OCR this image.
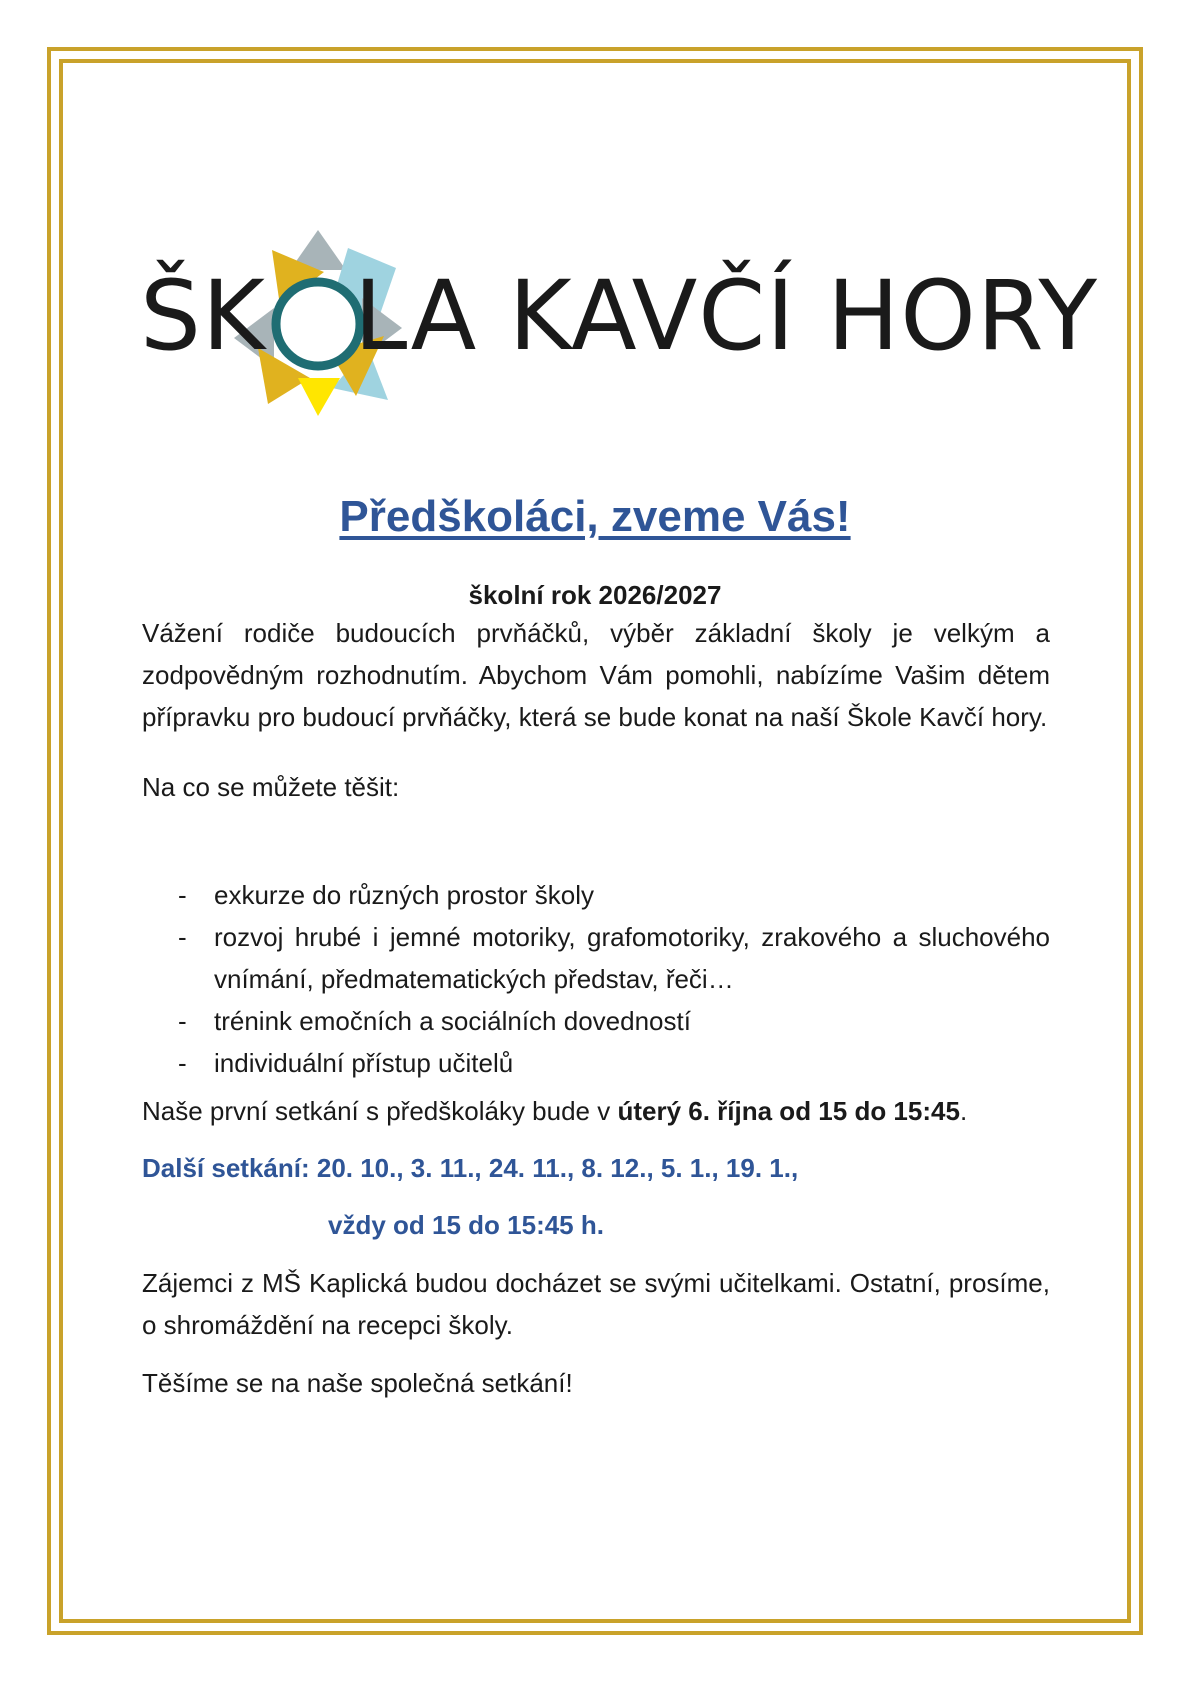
ŠK LA KAVČÍ HORY
Předškoláci, zveme Vás!
školní rok 2026/2027

Vážení rodiče budoucích prvňáčků, výběr základní školy je velkým a zodpovědným rozhodnutím. Abychom Vám pomohli, nabízíme Vašim dětem přípravku pro budoucí prvňáčky, která se bude konat na naší Škole Kavčí hory.

Na co se můžete těšit:

- exkurze do různých prostor školy
- rozvoj hrubé i jemné motoriky, grafomotoriky, zrakového a sluchového vnímání, předmatematických představ, řeči…
- trénink emočních a sociálních dovedností
- individuální přístup učitelů

Naše první setkání s předškoláky bude v úterý 6. října od 15 do 15:45.

Další setkání: 20. 10., 3. 11., 24. 11., 8. 12., 5. 1., 19. 1.,
vždy od 15 do 15:45 h.

Zájemci z MŠ Kaplická budou docházet se svými učitelkami. Ostatní, prosíme, o shromáždění na recepci školy.

Těšíme se na naše společná setkání!
